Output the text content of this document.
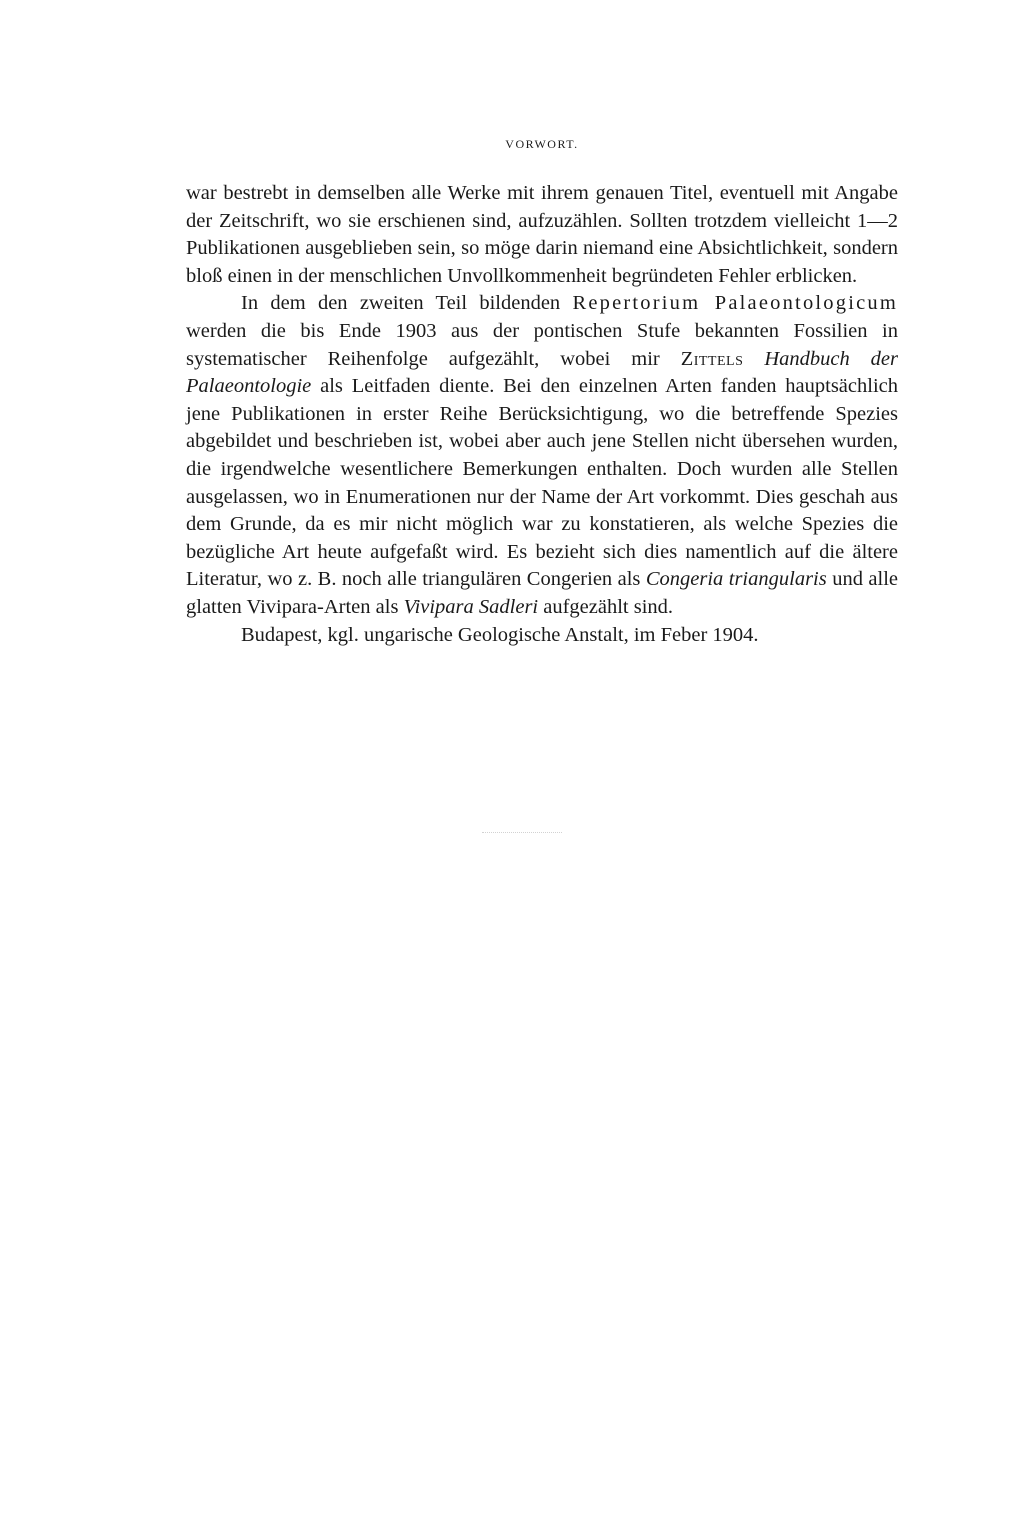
VORWORT.

war bestrebt in demselben alle Werke mit ihrem genauen Titel, eventuell mit Angabe der Zeitschrift, wo sie erschienen sind, aufzuzählen. Sollten trotzdem vielleicht 1—2 Publikationen ausgeblieben sein, so möge darin niemand eine Absichtlichkeit, sondern bloß einen in der menschlichen Unvollkommenheit begründeten Fehler erblicken.

In dem den zweiten Teil bildenden Repertorium Palaeontologicum werden die bis Ende 1903 aus der pontischen Stufe bekannten Fossilien in systematischer Reihenfolge aufgezählt, wobei mir Zittels Handbuch der Palaeontologie als Leitfaden diente. Bei den einzelnen Arten fanden hauptsächlich jene Publikationen in erster Reihe Berücksichtigung, wo die betreffende Spezies abgebildet und beschrieben ist, wobei aber auch jene Stellen nicht übersehen wurden, die irgendwelche wesentlichere Bemerkungen enthalten. Doch wurden alle Stellen ausgelassen, wo in Enumerationen nur der Name der Art vorkommt. Dies geschah aus dem Grunde, da es mir nicht möglich war zu konstatieren, als welche Spezies die bezügliche Art heute aufgefaßt wird. Es bezieht sich dies namentlich auf die ältere Literatur, wo z. B. noch alle triangulären Congerien als Congeria triangularis und alle glatten Vivipara-Arten als Vivipara Sadleri aufgezählt sind.

Budapest, kgl. ungarische Geologische Anstalt, im Feber 1904.
